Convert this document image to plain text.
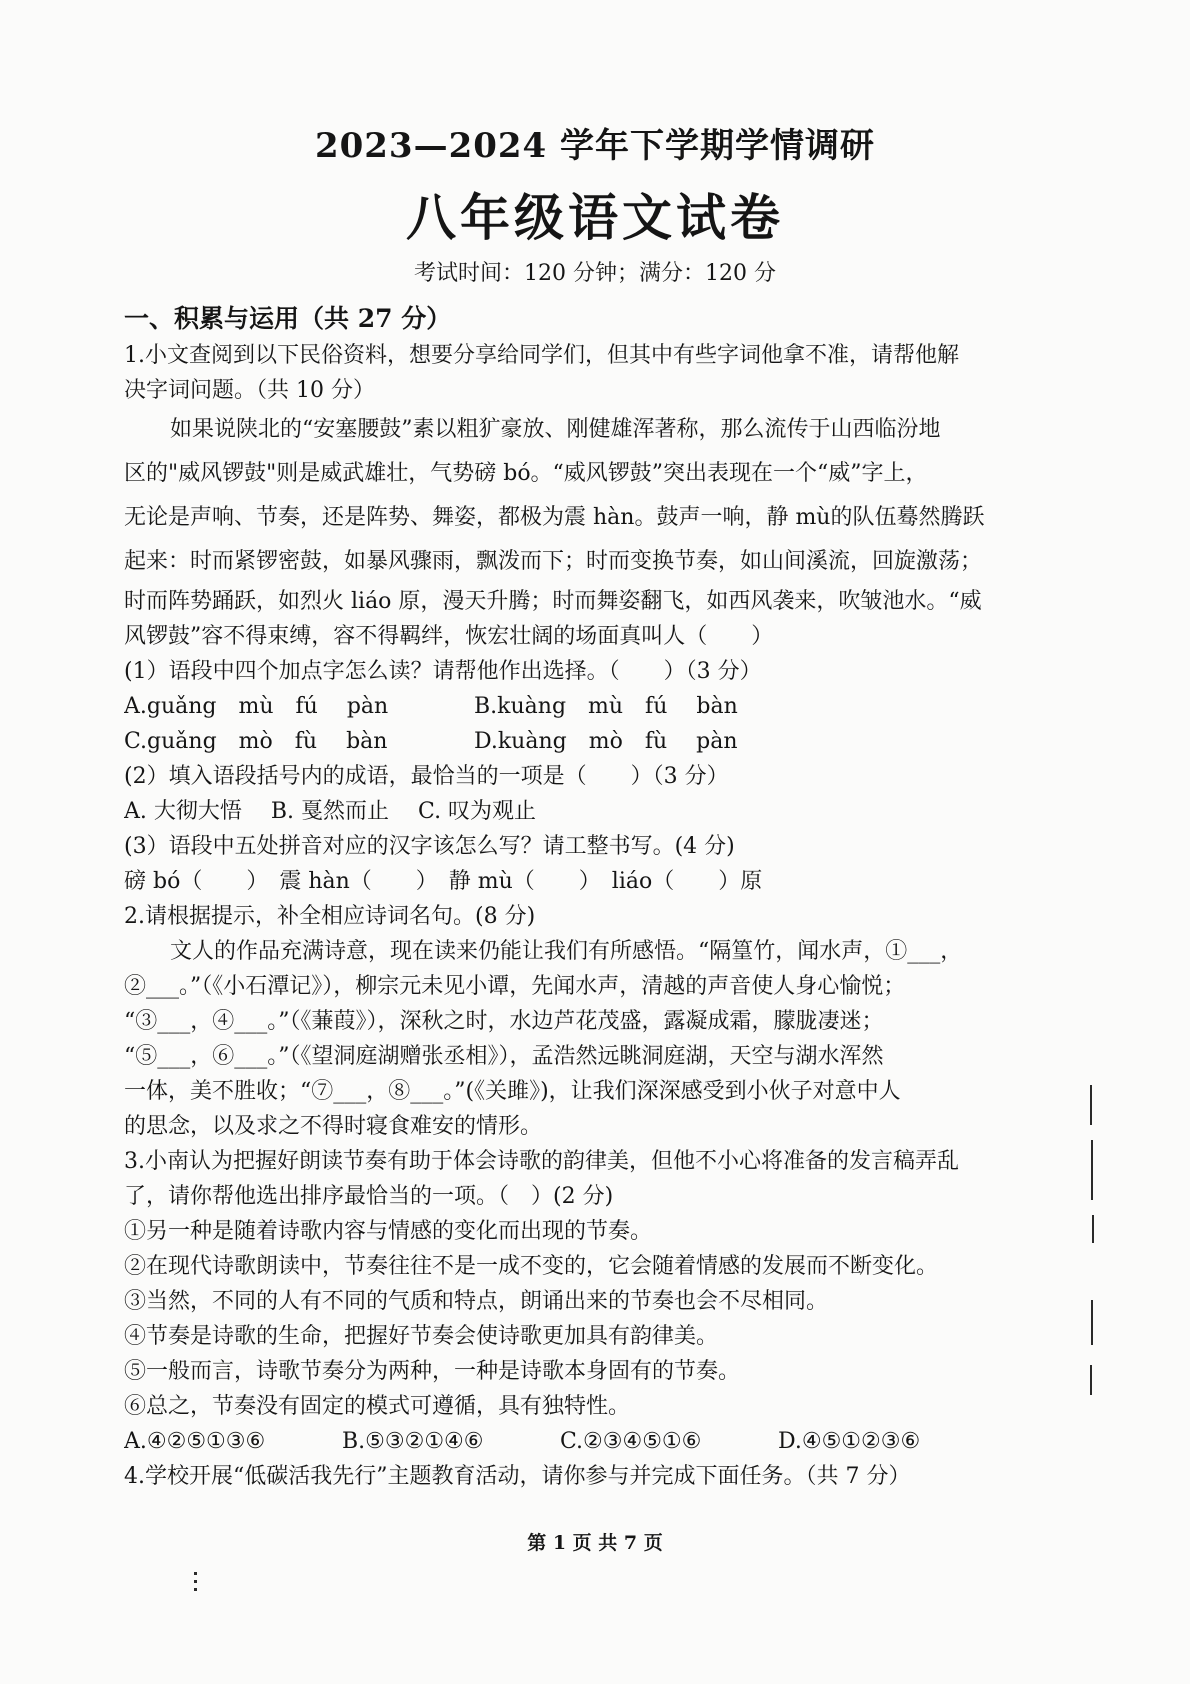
2023—2024 学年下学期学情调研
八年级语文试卷
考试时间：120 分钟；满分：120 分
一、积累与运用（共 27 分）
1.小文查阅到以下民俗资料，想要分享给同学们，但其中有些字词他拿不准，请帮他解
决字词问题。（共 10 分）
如果说陕北的“安塞腰鼓”素以粗犷豪放、刚健雄浑著称，那么流传于山西临汾地
区的"威风锣鼓"则是威武雄壮，气势磅 bó。“威风锣鼓”突出表现在一个“威”字上，
无论是声响、节奏，还是阵势、舞姿，都极为震 hàn。鼓声一响，静 mù的队伍蓦然腾跃
起来：时而紧锣密鼓，如暴风骤雨，飘泼而下；时而变换节奏，如山间溪流，回旋激荡；
时而阵势踊跃，如烈火 liáo 原，漫天升腾；时而舞姿翻飞，如西风袭来，吹皱池水。“威
风锣鼓”容不得束缚，容不得羁绊，恢宏壮阔的场面真叫人（　　）
(1）语段中四个加点字怎么读？请帮他作出选择。（　　）（3 分）
A.guǎng　mù　fú　 pàn	B.kuàng　mù　fú　 bàn
C.guǎng　mò　fù　 bàn	D.kuàng　mò　fù　 pàn
(2）填入语段括号内的成语，最恰当的一项是（　　）（3 分）
A. 大彻大悟　 B. 戛然而止　 C. 叹为观止
(3）语段中五处拼音对应的汉字该怎么写？请工整书写。(4 分)
磅 bó（　　）　震 hàn（　　）　静 mù（　　）　liáo（　　）原
2.请根据提示，补全相应诗词名句。(8 分)
文人的作品充满诗意，现在读来仍能让我们有所感悟。“隔篁竹，闻水声，①___，
②___。”（《小石潭记》），柳宗元未见小谭，先闻水声，清越的声音使人身心愉悦；
“③___，④___。”（《蒹葭》），深秋之时，水边芦花茂盛，露凝成霜，朦胧凄迷；
“⑤___，⑥___。”（《望洞庭湖赠张丞相》），孟浩然远眺洞庭湖，天空与湖水浑然
一体，美不胜收；“⑦___，⑧___。”(《关雎》)，让我们深深感受到小伙子对意中人
的思念，以及求之不得时寝食难安的情形。
3.小南认为把握好朗读节奏有助于体会诗歌的韵律美，但他不小心将准备的发言稿弄乱
了，请你帮他选出排序最恰当的一项。（　）(2 分)
①另一种是随着诗歌内容与情感的变化而出现的节奏。
②在现代诗歌朗读中，节奏往往不是一成不变的，它会随着情感的发展而不断变化。
③当然，不同的人有不同的气质和特点，朗诵出来的节奏也会不尽相同。
④节奏是诗歌的生命，把握好节奏会使诗歌更加具有韵律美。
⑤一般而言，诗歌节奏分为两种，一种是诗歌本身固有的节奏。
⑥总之，节奏没有固定的模式可遵循，具有独特性。
A.④②⑤①③⑥	B.⑤③②①④⑥	C.②③④⑤①⑥	D.④⑤①②③⑥
4.学校开展“低碳活我先行”主题教育活动，请你参与并完成下面任务。（共 7 分）
第 1 页 共 7 页
